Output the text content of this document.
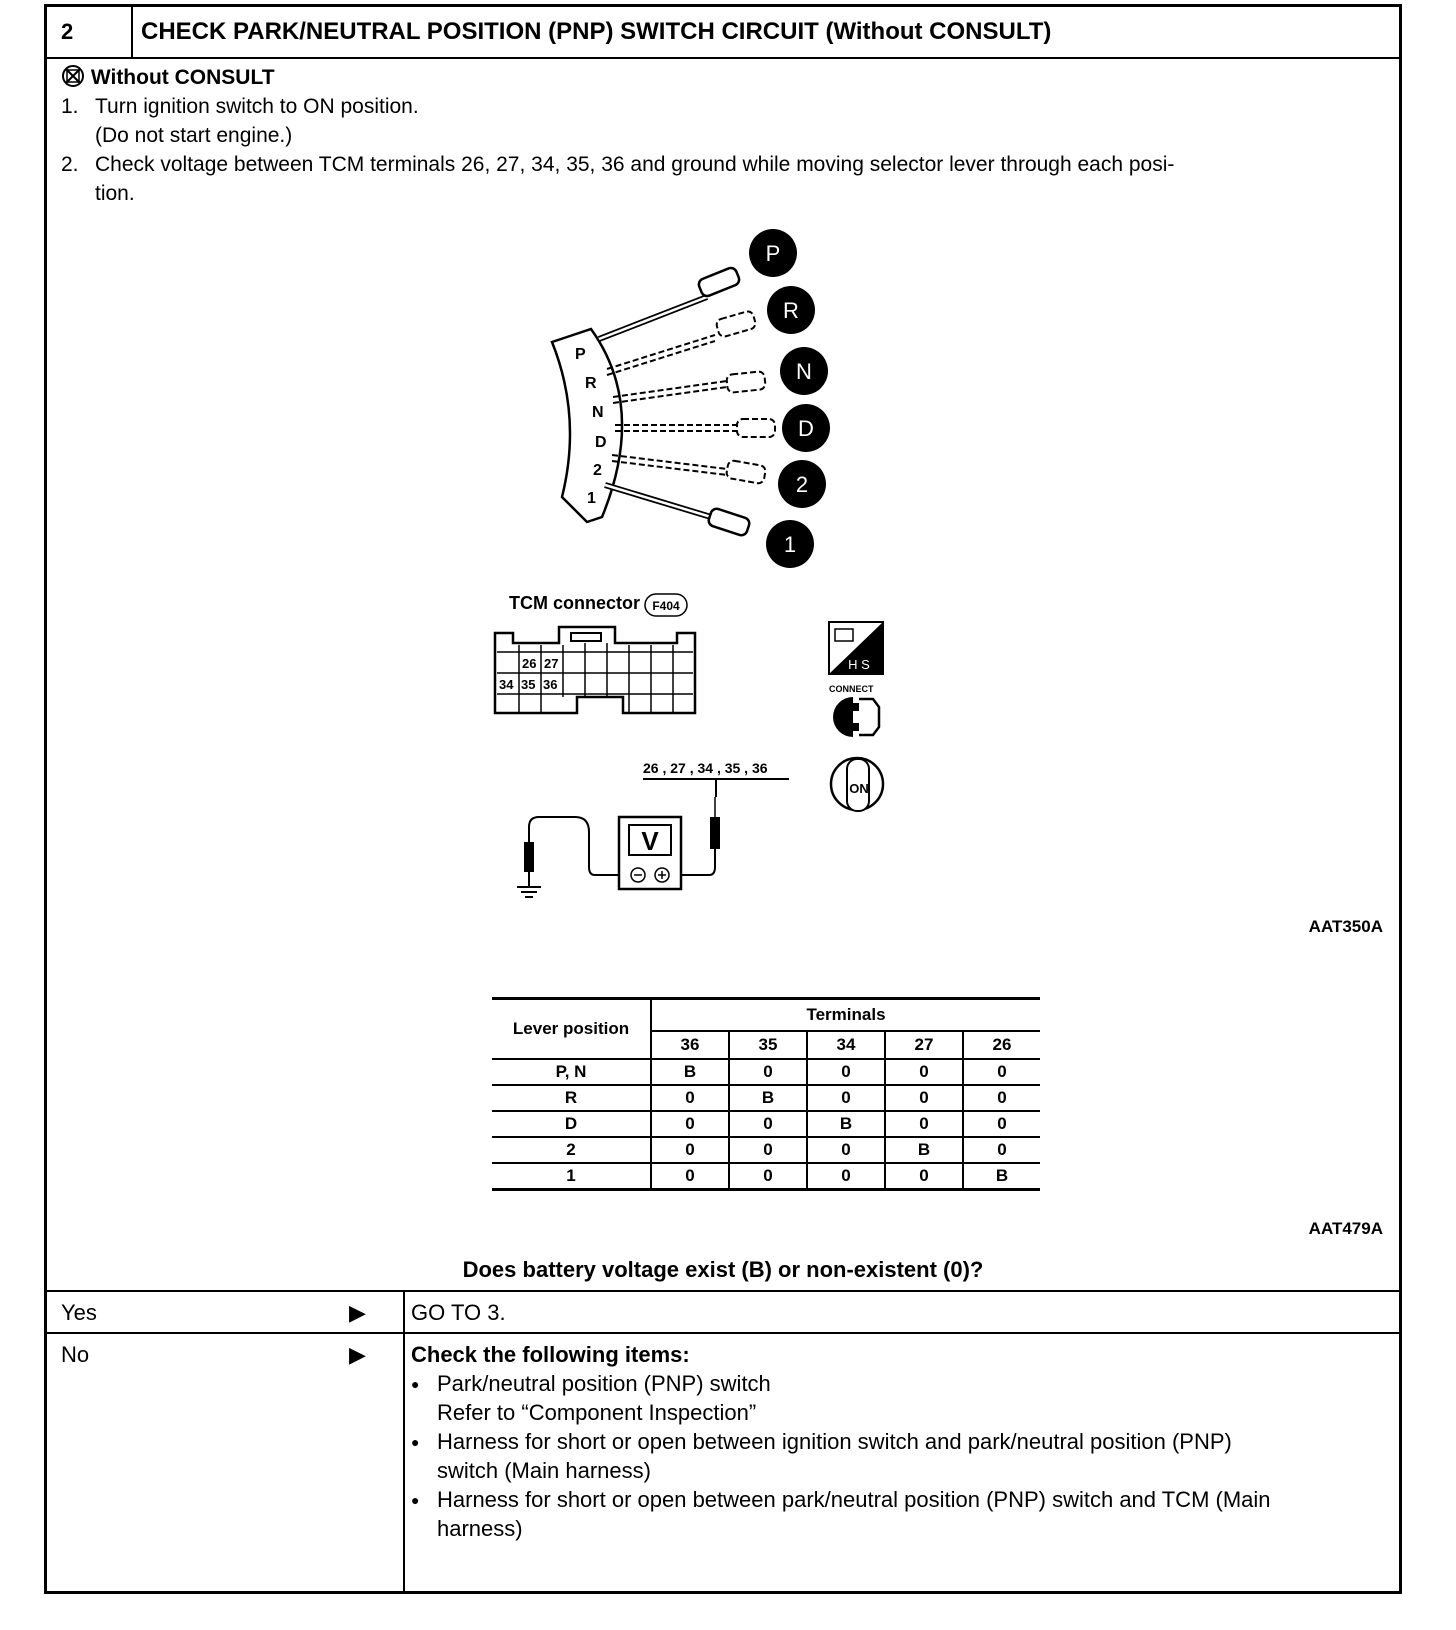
2	CHECK PARK/NEUTRAL POSITION (PNP) SWITCH CIRCUIT (Without CONSULT)
Without CONSULT
1. Turn ignition switch to ON position.
(Do not start engine.)
2. Check voltage between TCM terminals 26, 27, 34, 35, 36 and ground while moving selector lever through each posi-
tion.
P
R
N
D
2
1
P
R
N
D
2
1
TCM connector F404
26 27
34 35 36
26 , 27 , 34 , 35 , 36
V
H S
CONNECT
ON
AAT350A
Lever position	Terminals				
	36	35	34	27	26
P, N	B	0	0	0	0
R	0	B	0	0	0
D	0	0	B	0	0
2	0	0	0	B	0
1	0	0	0	0	B
AAT479A
Does battery voltage exist (B) or non-existent (0)?
Yes	▶ GO TO 3.
No	▶ Check the following items:
● Park/neutral position (PNP) switch
Refer to “Component Inspection”
● Harness for short or open between ignition switch and park/neutral position (PNP)
switch (Main harness)
● Harness for short or open between park/neutral position (PNP) switch and TCM (Main
harness)
